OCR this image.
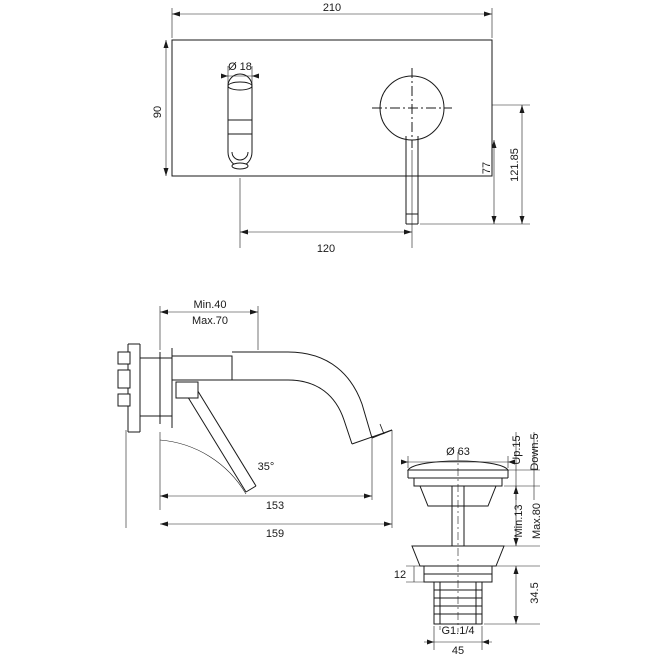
210
90
Ø 18
120
121.85
77
Min.40
Max.70
35°
153
159
Ø 63	Up.15 Down.5
Min.13 Max.80
34.5
12
G1.1/4
45
